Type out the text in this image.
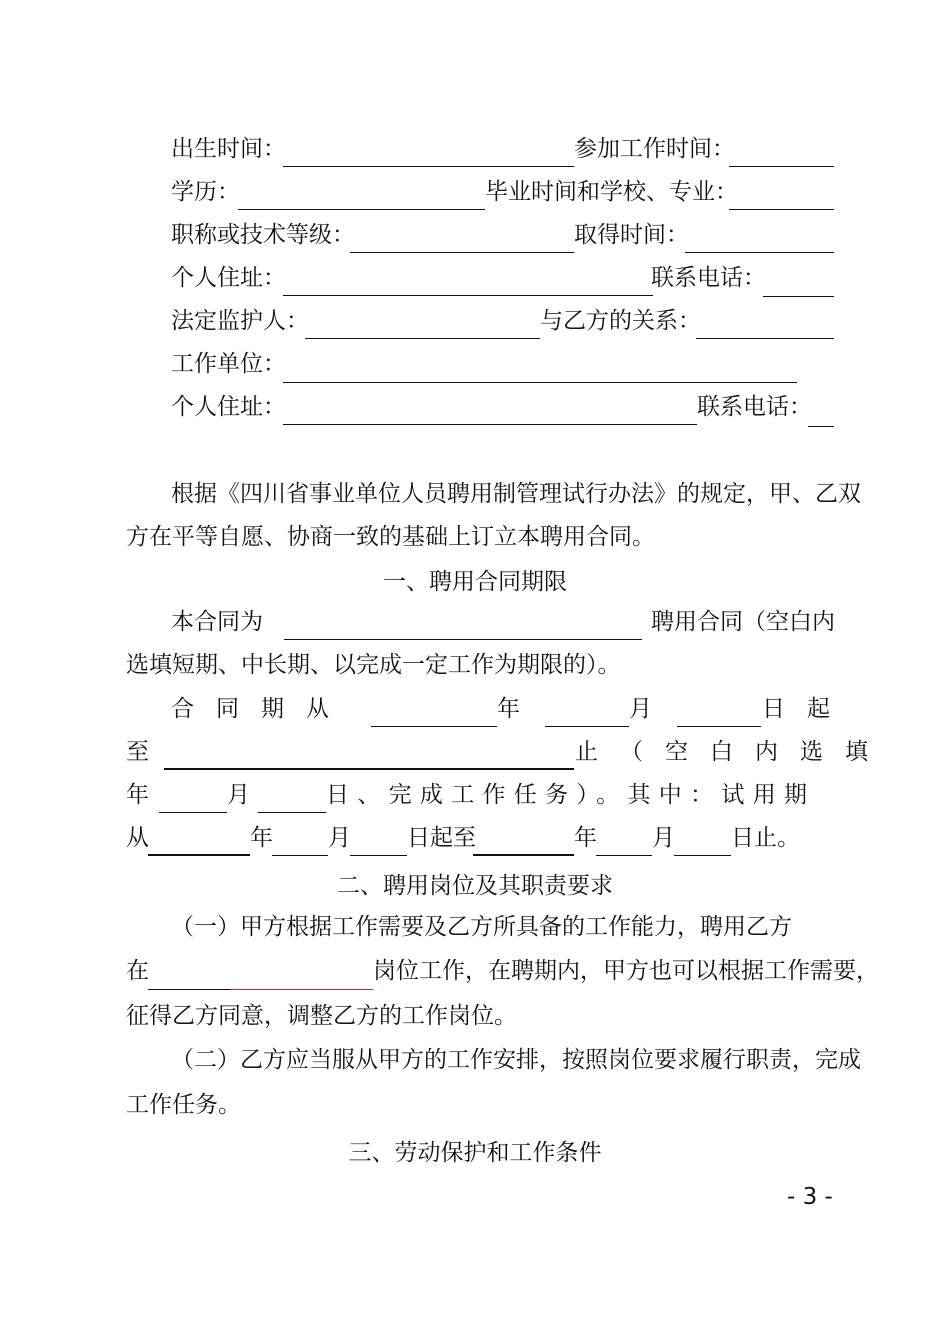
出生时间：	参加工作时间：
学历：	毕业时间和学校、专业：
职称或技术等级：	取得时间：
个人住址：	联系电话：
法定监护人：	与乙方的关系：
工作单位：
个人住址：	联系电话：
根据《四川省事业单位人员聘用制管理试行办法》的规定，甲、乙双
方在平等自愿、协商一致的基础上订立本聘用合同。
一、聘用合同期限
本合同为	聘用合同（空白内
选填短期、中长期、以完成一定工作为期限的）。
合同期从	年	月	日起
至	止（空白内选填
年	月	日、完成工作任务）。其中：试用期
从	年 月 日起至	年 月 日止。
二、聘用岗位及其职责要求
（一）甲方根据工作需要及乙方所具备的工作能力，聘用乙方
在	岗位工作，在聘期内，甲方也可以根据工作需要，
征得乙方同意，调整乙方的工作岗位。
（二）乙方应当服从甲方的工作安排，按照岗位要求履行职责，完成
工作任务。
三、劳动保护和工作条件
- 3 -
